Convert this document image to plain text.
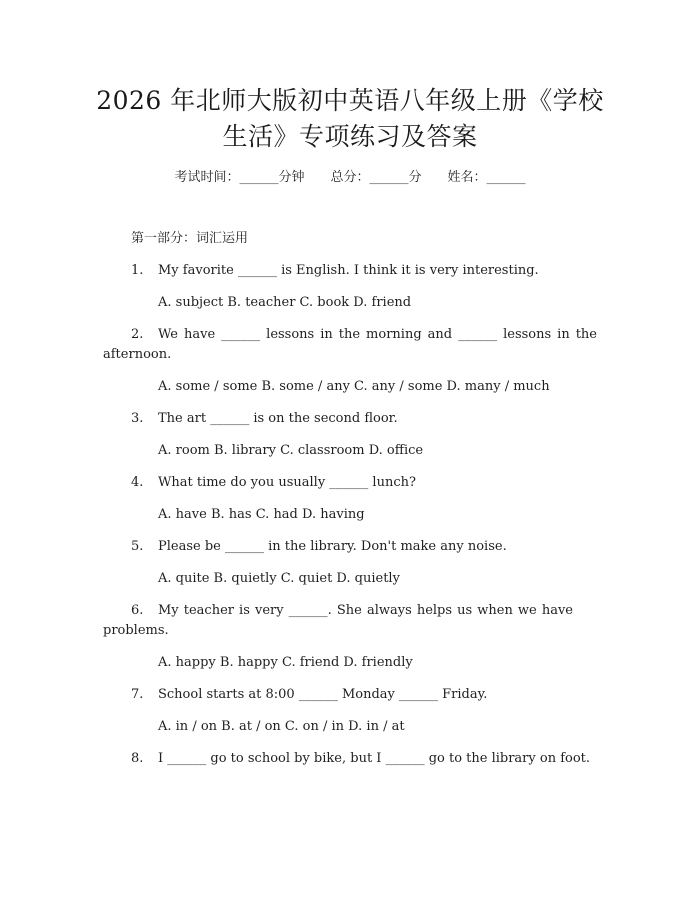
2026 年北师大版初中英语八年级上册《学校
生活》专项练习及答案
考试时间：______分钟 总分：______分 姓名：______
第一部分：词汇运用
1. My favorite ______ is English. I think it is very interesting.
A. subject B. teacher C. book D. friend
2.	We have ______ lessons in the morning and ______ lessons in the afternoon.
A. some / some B. some / any C. any / some D. many / much
3. The art ______ is on the second floor.
A. room B. library C. classroom D. office
4. What time do you usually ______ lunch?
A. have B. has C. had D. having
5. Please be ______ in the library. Don't make any noise.
A. quite B. quietly C. quiet D. quietly
6.	My teacher is very ______. She always helps us when we have problems.
A. happy B. happy C. friend D. friendly
7. School starts at 8:00 ______ Monday ______ Friday.
A. in / on B. at / on C. on / in D. in / at
8.	I ______ go to school by bike, but I ______ go to the library on foot.
